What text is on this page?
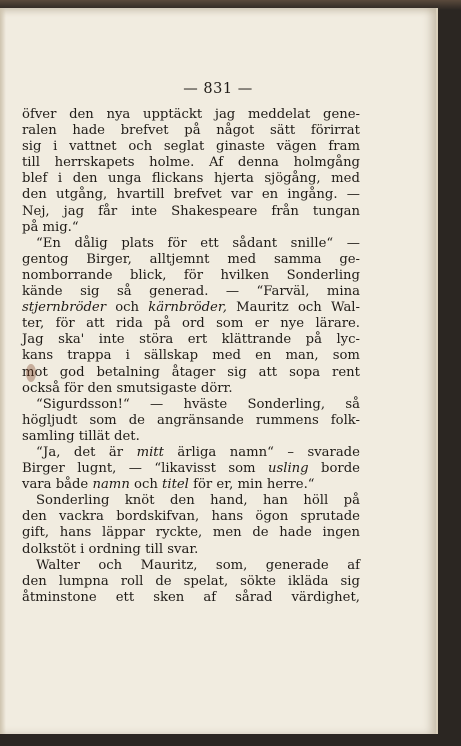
— 831 —
öfver den nya upptäckt jag meddelat gene-
ralen hade brefvet på något sätt förirrat
sig i vattnet och seglat ginaste vägen fram
till herrskapets holme. Af denna holmgång
blef i den unga flickans hjerta sjögång, med
den utgång, hvartill brefvet var en ingång. —
Nej, jag får inte Shakespeare från tungan
på mig.“
“En dålig plats för ett sådant snille“ —
gentog Birger, alltjemnt med samma ge-
nomborrande blick, för hvilken Sonderling
kände sig så generad. — “Farväl, mina
stjernbröder och kärnbröder, Mauritz och Wal-
ter, för att rida på ord som er nye lärare.
Jag ska' inte störa ert klättrande på lyc-
kans trappa i sällskap med en man, som
mot god betalning åtager sig att sopa rent
också för den smutsigaste dörr.
“Sigurdsson!“ — hväste Sonderling, så
högljudt som de angränsande rummens folk-
samling tillät det.
“Ja, det är mitt ärliga namn“ – svarade
Birger lugnt, — “likavisst som usling borde
vara både namn och titel för er, min herre.“
Sonderling knöt den hand, han höll på
den vackra bordskifvan, hans ögon sprutade
gift, hans läppar ryckte, men de hade ingen
dolkstöt i ordning till svar.
Walter och Mauritz, som, generade af
den lumpna roll de spelat, sökte ikläda sig
åtminstone ett sken af sårad värdighet,
